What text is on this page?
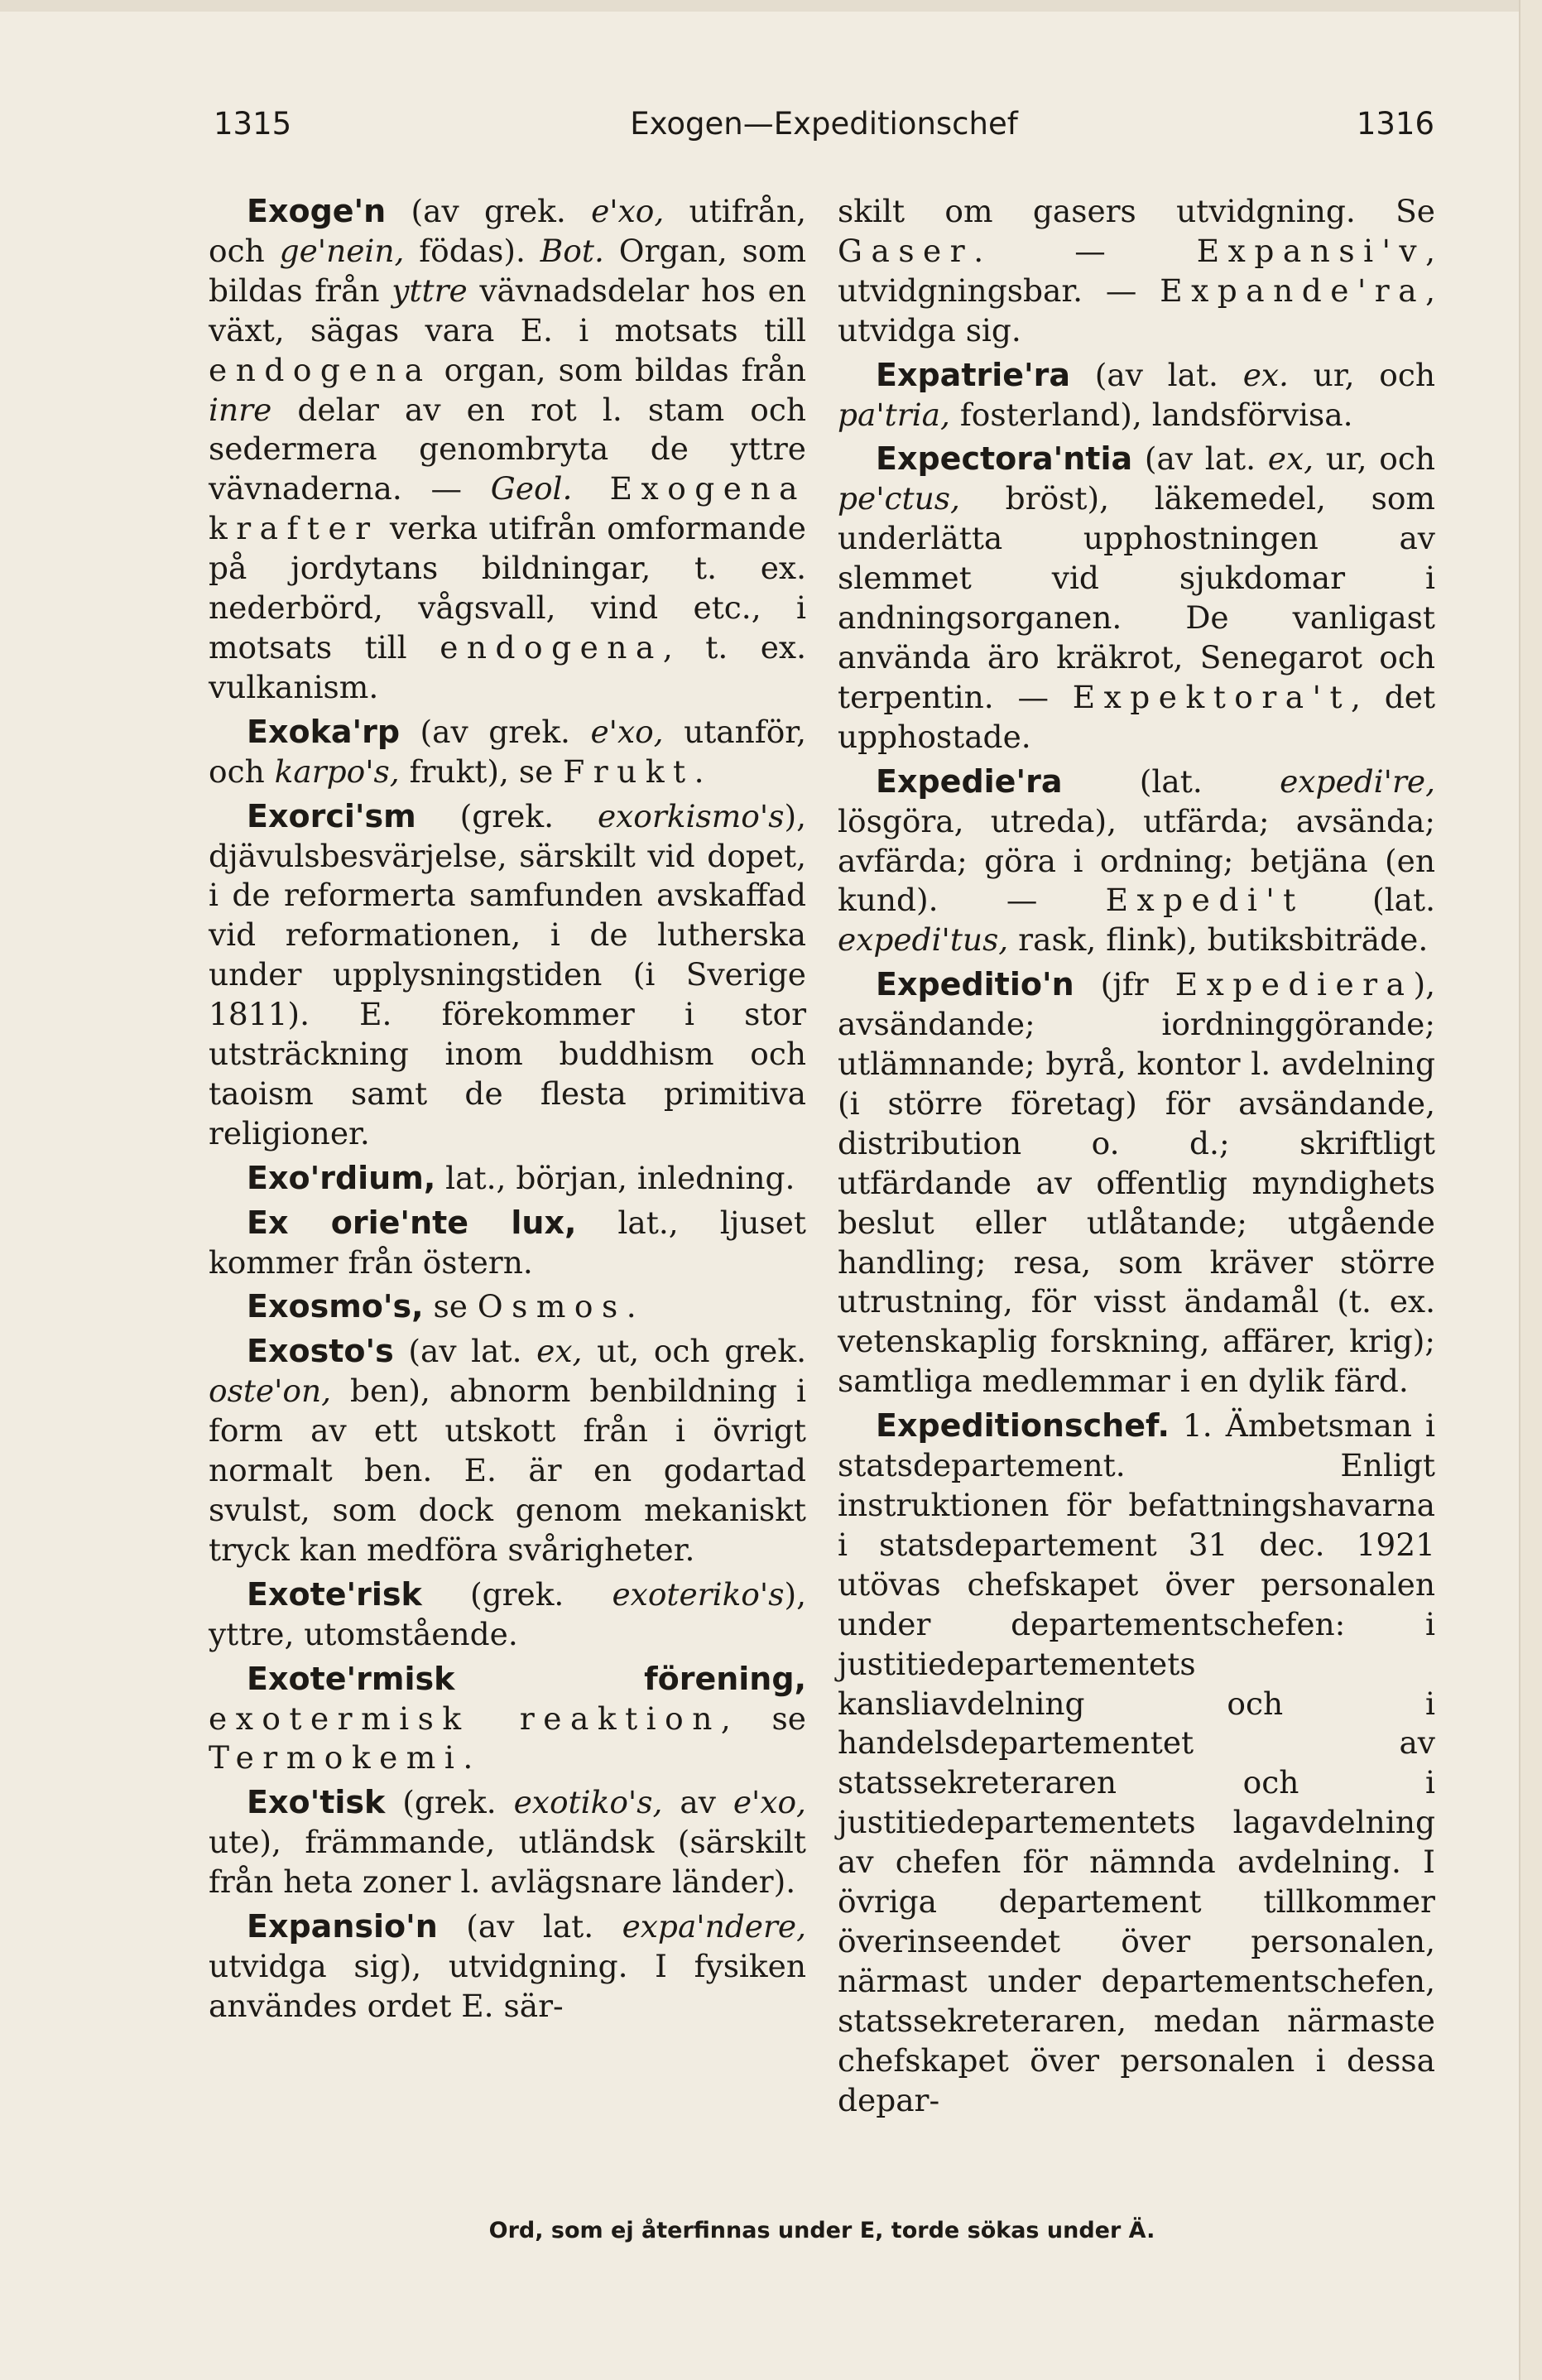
1315	Exogen—Expeditionschef	1316

Exoge'n (av grek. e'xo, utifrån, och ge'nein, födas). Bot. Organ, som bildas från yttre vävnadsdelar hos en växt, sägas vara E. i motsats till endogena organ, som bildas från inre delar av en rot l. stam och sedermera genombryta de yttre vävnaderna. — Geol. Exogena krafter verka utifrån omformande på jordytans bildningar, t. ex. nederbörd, vågsvall, vind etc., i motsats till endogena, t. ex. vulkanism.

Exoka'rp (av grek. e'xo, utanför, och karpo's, frukt), se Frukt.

Exorci'sm (grek. exorkismo's), djävulsbesvärjelse, särskilt vid dopet, i de reformerta samfunden avskaffad vid reformationen, i de lutherska under upplysningstiden (i Sverige 1811). E. förekommer i stor utsträckning inom buddhism och taoism samt de flesta primitiva religioner.

Exo'rdium, lat., början, inledning.

Ex orie'nte lux, lat., ljuset kommer från östern.

Exosmo's, se Osmos.

Exosto's (av lat. ex, ut, och grek. oste'on, ben), abnorm benbildning i form av ett utskott från i övrigt normalt ben. E. är en godartad svulst, som dock genom mekaniskt tryck kan medföra svårigheter.

Exote'risk (grek. exoteriko's), yttre, utomstående.

Exote'rmisk förening, exotermisk reaktion, se Termokemi.

Exo'tisk (grek. exotiko's, av e'xo, ute), främmande, utländsk (särskilt från heta zoner l. avlägsnare länder).

Expansio'n (av lat. expa'ndere, utvidga sig), utvidgning. I fysiken användes ordet E. sär-

skilt om gasers utvidgning. Se Gaser. — Expansi'v, utvidgningsbar. — Expande'ra, utvidga sig.

Expatrie'ra (av lat. ex. ur, och pa'tria, fosterland), landsförvisa.

Expectora'ntia (av lat. ex, ur, och pe'ctus, bröst), läkemedel, som underlätta upphostningen av slemmet vid sjukdomar i andningsorganen. De vanligast använda äro kräkrot, Senegarot och terpentin. — Expektora't, det upphostade.

Expedie'ra (lat. expedi're, lösgöra, utreda), utfärda; avsända; avfärda; göra i ordning; betjäna (en kund). — Expedi't (lat. expedi'tus, rask, flink), butiksbiträde.

Expeditio'n (jfr Expediera), avsändande; iordninggörande; utlämnande; byrå, kontor l. avdelning (i större företag) för avsändande, distribution o. d.; skriftligt utfärdande av offentlig myndighets beslut eller utlåtande; utgående handling; resa, som kräver större utrustning, för visst ändamål (t. ex. vetenskaplig forskning, affärer, krig); samtliga medlemmar i en dylik färd.

Expeditionschef. 1. Ämbetsman i statsdepartement. Enligt instruktionen för befattningshavarna i statsdepartement 31 dec. 1921 utövas chefskapet över personalen under departementschefen: i justitiedepartementets kansliavdelning och i handelsdepartementet av statssekreteraren och i justitiedepartementets lagavdelning av chefen för nämnda avdelning. I övriga departement tillkommer överinseendet över personalen, närmast under departementschefen, statssekreteraren, medan närmaste chefskapet över personalen i dessa depar-

Ord, som ej återfinnas under E, torde sökas under Ä.
